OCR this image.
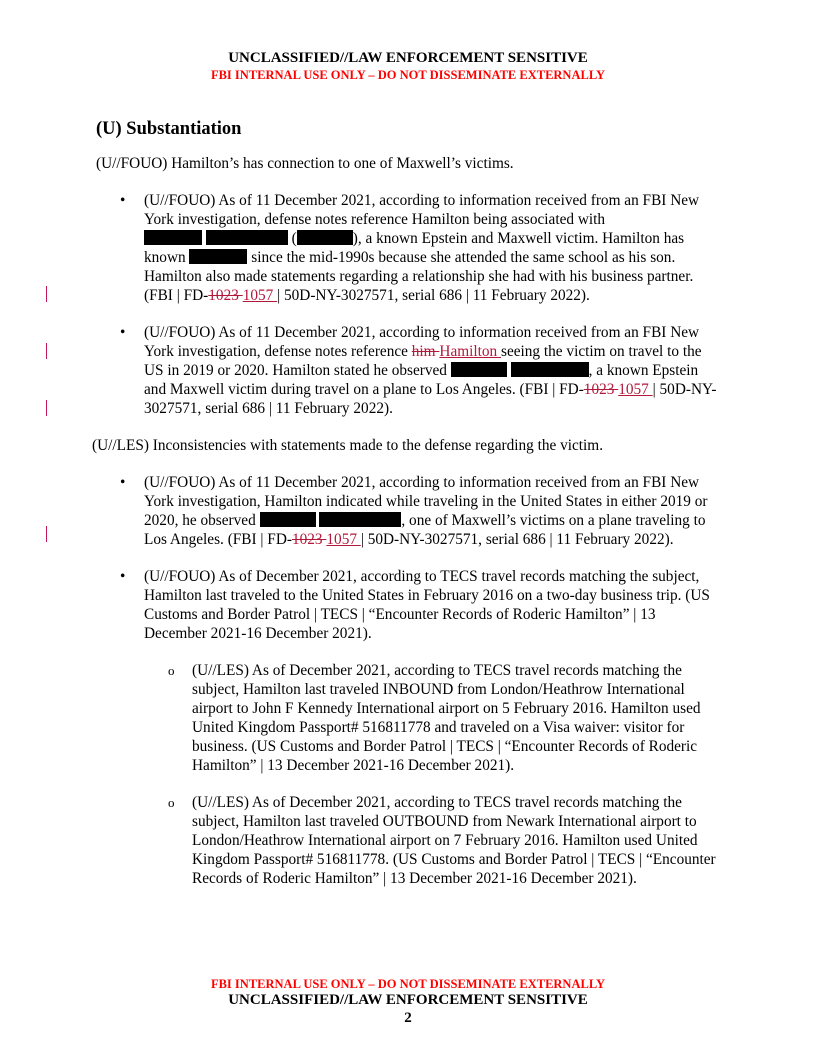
UNCLASSIFIED//LAW ENFORCEMENT SENSITIVE
FBI INTERNAL USE ONLY – DO NOT DISSEMINATE EXTERNALLY
(U) Substantiation

(U//FOUO) Hamilton’s has connection to one of Maxwell’s victims.

• (U//FOUO) As of 11 December 2021, according to information received from an FBI New York investigation, defense notes reference Hamilton being associated with
(	), a known Epstein and Maxwell victim. Hamilton has known	since the mid-1990s because she attended the same school as his son. Hamilton also made statements regarding a relationship she had with his business partner. (FBI | FD-1023 1057 | 50D-NY-3027571, serial 686 | 11 February 2022).
• (U//FOUO) As of 11 December 2021, according to information received from an FBI New York investigation, defense notes reference him Hamilton seeing the victim on travel to the US in 2019 or 2020. Hamilton stated he observed	, a known Epstein and Maxwell victim during travel on a plane to Los Angeles. (FBI | FD-1023 1057 | 50D-NY-3027571, serial 686 | 11 February 2022).

(U//LES) Inconsistencies with statements made to the defense regarding the victim.

• (U//FOUO) As of 11 December 2021, according to information received from an FBI New York investigation, Hamilton indicated while traveling in the United States in either 2019 or 2020, he observed	, one of Maxwell’s victims on a plane traveling to Los Angeles. (FBI | FD-1023 1057 | 50D-NY-3027571, serial 686 | 11 February 2022).
• (U//FOUO) As of December 2021, according to TECS travel records matching the subject, Hamilton last traveled to the United States in February 2016 on a two-day business trip. (US Customs and Border Patrol | TECS | “Encounter Records of Roderic Hamilton” | 13 December 2021-16 December 2021).
o (U//LES) As of December 2021, according to TECS travel records matching the subject, Hamilton last traveled INBOUND from London/Heathrow International airport to John F Kennedy International airport on 5 February 2016. Hamilton used United Kingdom Passport# 516811778 and traveled on a Visa waiver: visitor for business. (US Customs and Border Patrol | TECS | “Encounter Records of Roderic Hamilton” | 13 December 2021-16 December 2021).
o (U//LES) As of December 2021, according to TECS travel records matching the subject, Hamilton last traveled OUTBOUND from Newark International airport to London/Heathrow International airport on 7 February 2016. Hamilton used United Kingdom Passport# 516811778. (US Customs and Border Patrol | TECS | “Encounter Records of Roderic Hamilton” | 13 December 2021-16 December 2021).
FBI INTERNAL USE ONLY – DO NOT DISSEMINATE EXTERNALLY
UNCLASSIFIED//LAW ENFORCEMENT SENSITIVE
2
